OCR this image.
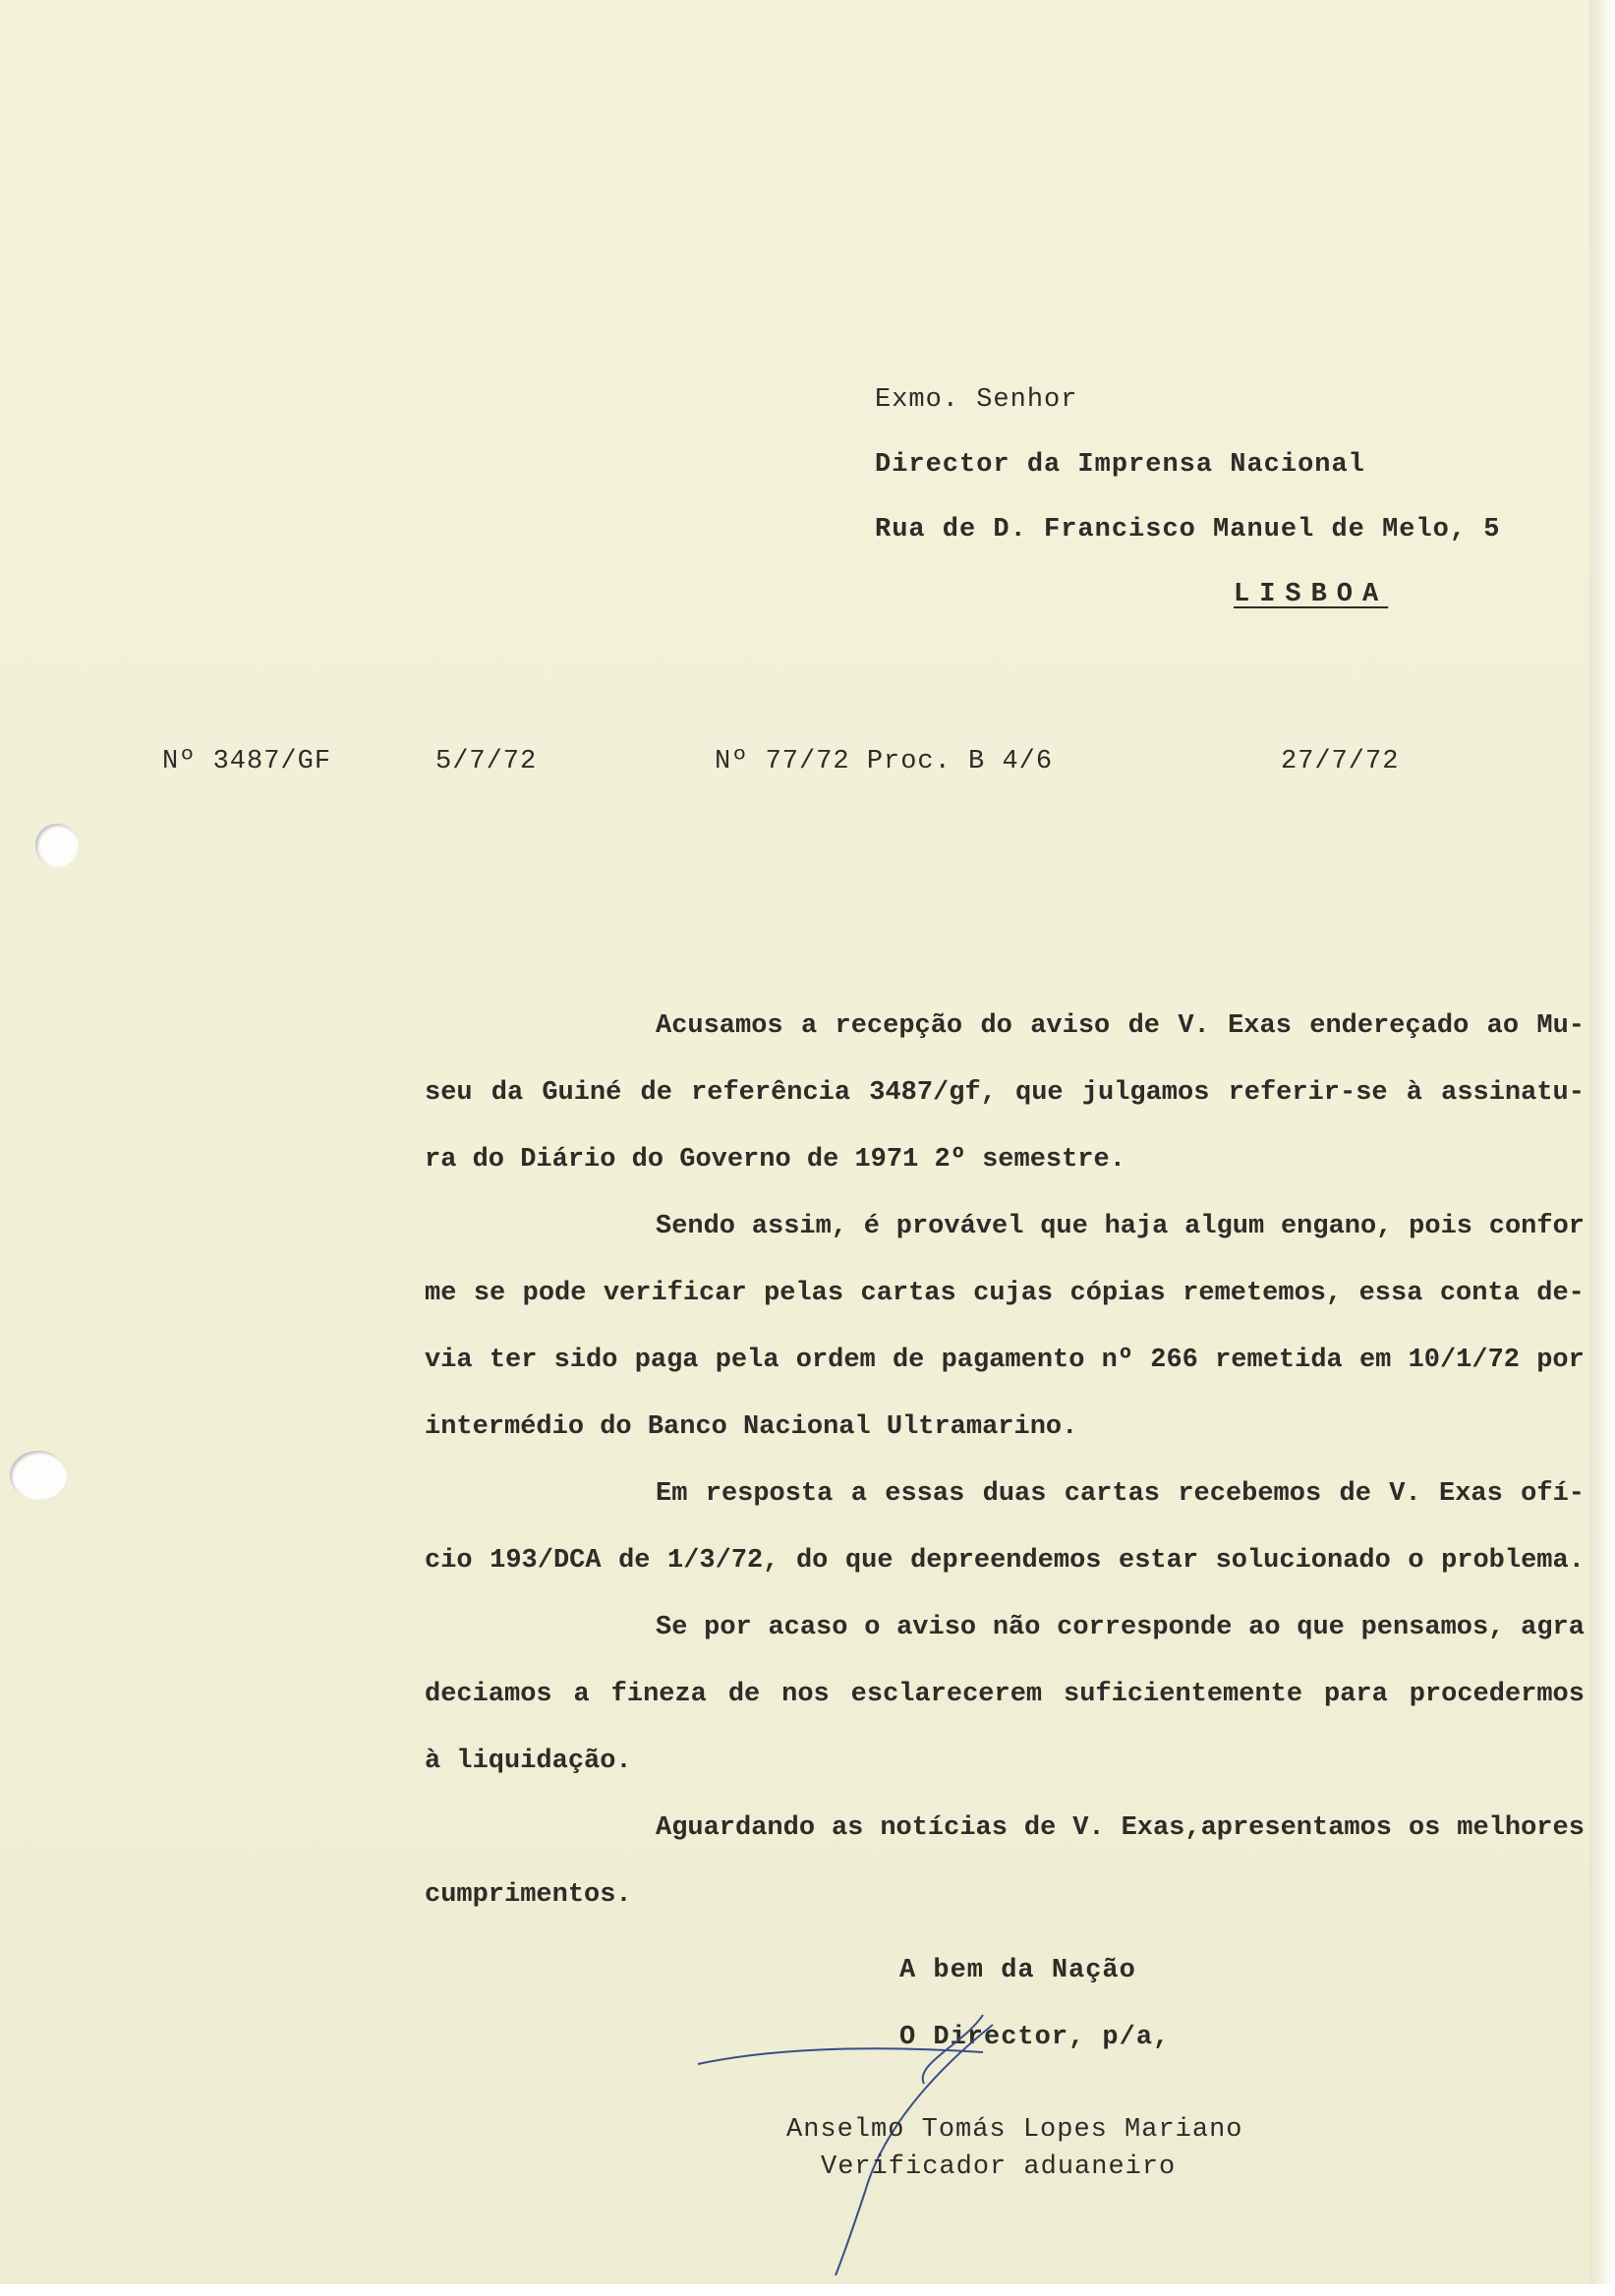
Exmo. Senhor
Director da Imprensa Nacional
Rua de D. Francisco Manuel de Melo, 5
LISBOA
Nº 3487/GF	5/7/72	Nº 77/72 Proc. B 4/6	27/7/72
Acusamos a recepção do aviso de V. Exas endereçado ao Mu-
seu da Guiné de referência 3487/gf, que julgamos referir-se à assinatu-
ra do Diário do Governo de 1971 2º semestre.
Sendo assim, é provável que haja algum engano, pois confor
me se pode verificar pelas cartas cujas cópias remetemos, essa conta de-
via ter sido paga pela ordem de pagamento nº 266 remetida em 10/1/72 por
intermédio do Banco Nacional Ultramarino.
Em resposta a essas duas cartas recebemos de V. Exas ofí-
cio 193/DCA de 1/3/72, do que depreendemos estar solucionado o problema.
Se por acaso o aviso não corresponde ao que pensamos, agra
deciamos a fineza de nos esclarecerem suficientemente para procedermos
à liquidação.
Aguardando as notícias de V. Exas,apresentamos os melhores
cumprimentos.
A bem da Nação
O Director, p/a,
Anselmo Tomás Lopes Mariano
Verificador aduaneiro
